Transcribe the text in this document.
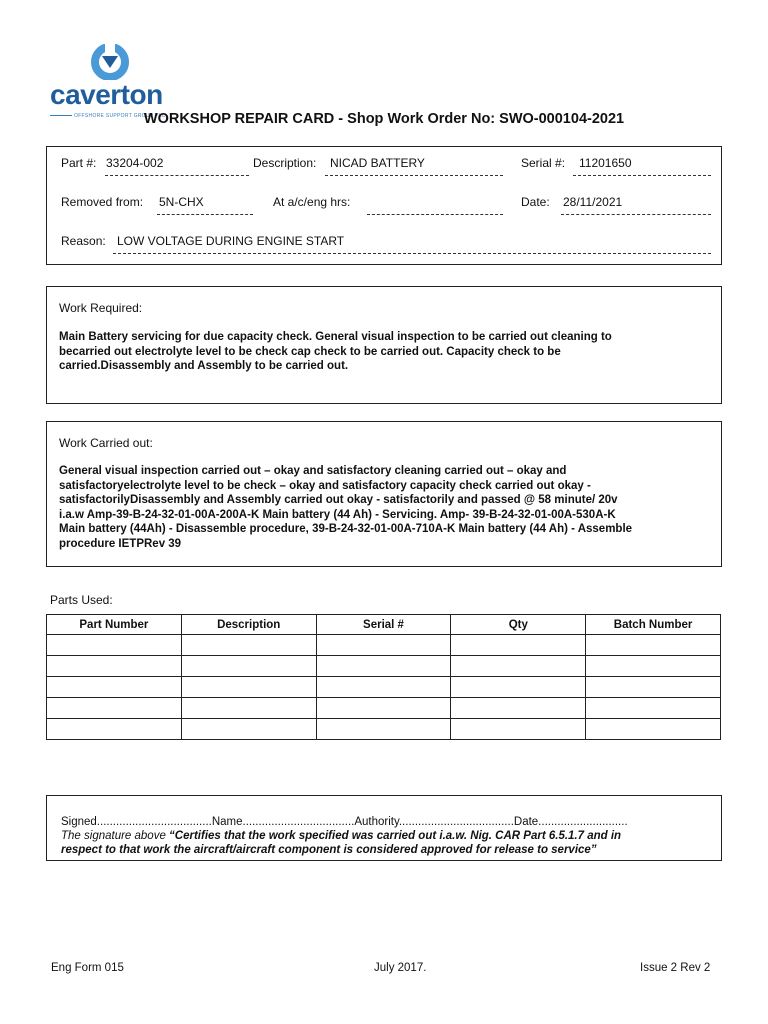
caverton
OFFSHORE SUPPORT GROUP PLC
WORKSHOP REPAIR CARD - Shop Work Order No: SWO-000104-2021
Part #: 33204-002	Description: NICAD BATTERY	Serial #: 11201650
Removed from: 5N-CHX	At a/c/eng hrs:	Date: 28/11/2021
Reason: LOW VOLTAGE DURING ENGINE START
Work Required:
Main Battery servicing for due capacity check. General visual inspection to be carried out cleaning to
becarried out electrolyte level to be check cap check to be carried out. Capacity check to be
carried.Disassembly and Assembly to be carried out.
Work Carried out:
General visual inspection carried out – okay and satisfactory cleaning carried out – okay and
satisfactoryelectrolyte level to be check – okay and satisfactory capacity check carried out okay -
satisfactorilyDisassembly and Assembly carried out okay - satisfactorily and passed @ 58 minute/ 20v
i.a.w Amp-39-B-24-32-01-00A-200A-K Main battery (44 Ah) - Servicing. Amp- 39-B-24-32-01-00A-530A-K
Main battery (44Ah) - Disassemble procedure, 39-B-24-32-01-00A-710A-K Main battery (44 Ah) - Assemble
procedure IETPRev 39
Parts Used:
Part Number	Description	Serial #	Qty	Batch Number

Signed....................................Name...................................Authority....................................Date............................
The signature above “Certifies that the work specified was carried out i.a.w. Nig. CAR Part 6.5.1.7 and in
respect to that work the aircraft/aircraft component is considered approved for release to service”
Eng Form 015	July 2017.	Issue 2 Rev 2
